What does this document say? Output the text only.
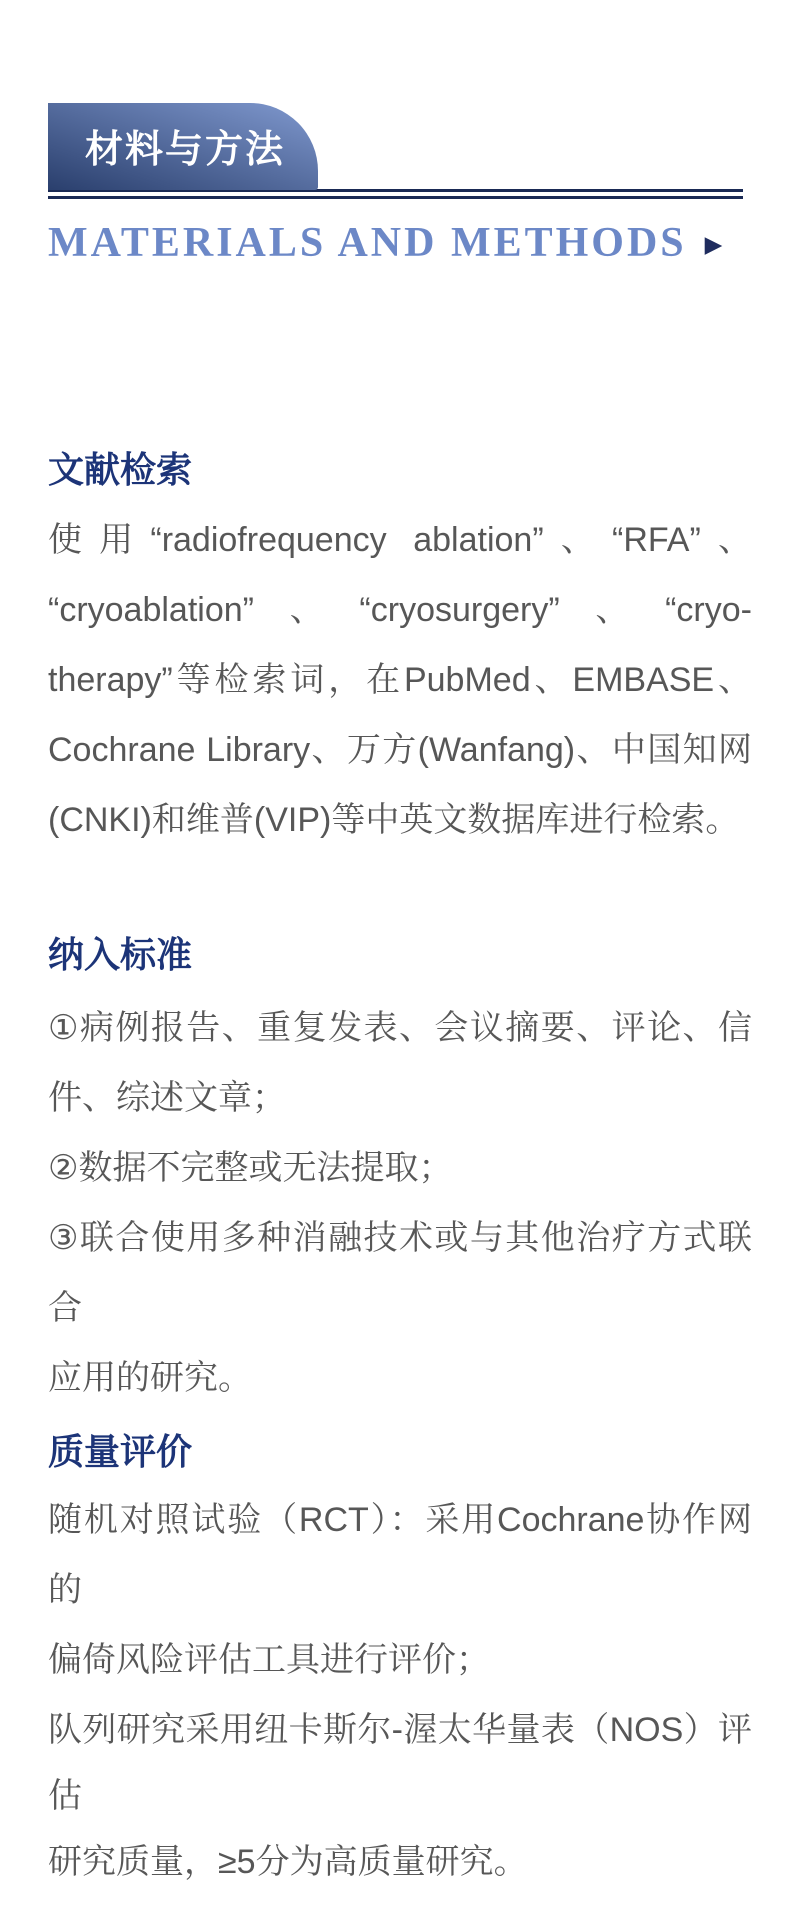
材料与方法
MATERIALS AND METHODS ▶
文献检索
使用“radiofrequency ablation”、“RFA”、
“cryoablation”、“cryosurgery”、“cryo-
therapy”等检索词，在PubMed、EMBASE、
Cochrane Library、万方(Wanfang)、中国知网
(CNKI)和维普(VIP)等中英文数据库进行检索。
纳入标准
①病例报告、重复发表、会议摘要、评论、信
件、综述文章；
②数据不完整或无法提取；
③联合使用多种消融技术或与其他治疗方式联合
应用的研究。
质量评价
随机对照试验（RCT）：采用Cochrane协作网的
偏倚风险评估工具进行评价；
队列研究采用纽卡斯尔-渥太华量表（NOS）评估
研究质量，≥5分为高质量研究。
